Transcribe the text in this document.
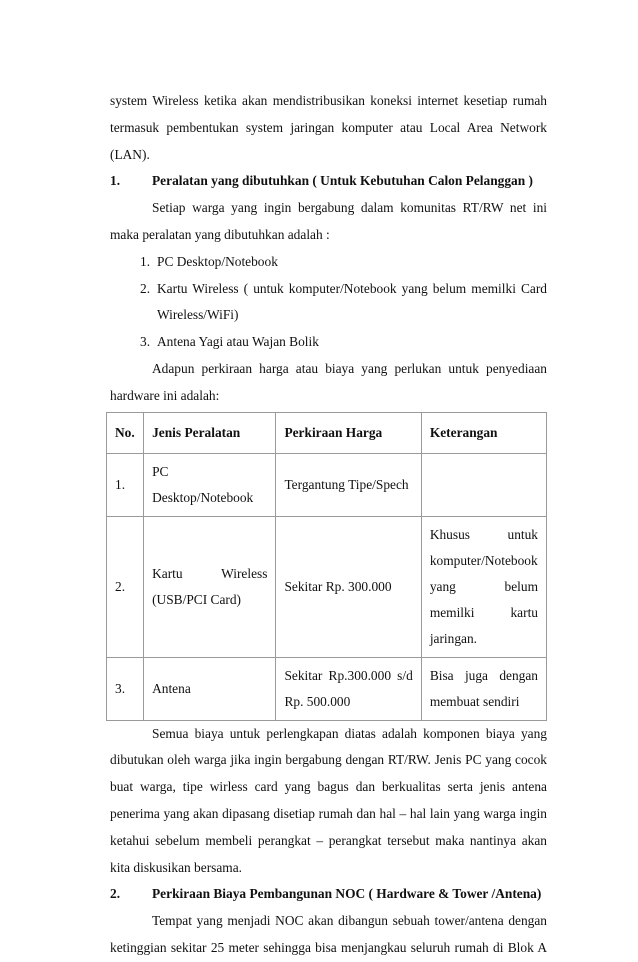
system Wireless ketika akan mendistribusikan koneksi internet kesetiap rumah termasuk pembentukan system jaringan komputer atau Local Area Network (LAN).

1.	Peralatan yang dibutuhkan ( Untuk Kebutuhan Calon Pelanggan )

Setiap warga yang ingin bergabung dalam komunitas RT/RW net ini maka peralatan yang dibutuhkan adalah :

1. PC Desktop/Notebook
2. Kartu Wireless ( untuk komputer/Notebook yang belum memilki Card Wireless/WiFi)
3. Antena Yagi atau Wajan Bolik

Adapun perkiraan harga atau biaya yang perlukan untuk penyediaan hardware ini adalah:

No.	Jenis Peralatan	Perkiraan Harga	Keterangan
1.	PC Desktop/Notebook	Tergantung Tipe/Spech	
2.	Kartu Wireless (USB/PCI Card)	Sekitar Rp. 300.000	Khusus untuk komputer/Notebook yang belum memilki kartu jaringan.
3.	Antena	Sekitar Rp.300.000 s/d Rp. 500.000	Bisa juga dengan membuat sendiri

Semua biaya untuk perlengkapan diatas adalah komponen biaya yang dibutukan oleh warga jika ingin bergabung dengan RT/RW. Jenis PC yang cocok buat warga, tipe wirless card yang bagus dan berkualitas serta jenis antena penerima yang akan dipasang disetiap rumah dan hal – hal lain yang warga ingin ketahui sebelum membeli perangkat – perangkat tersebut maka nantinya akan kita diskusikan bersama.

2.	Perkiraan Biaya Pembangunan NOC ( Hardware & Tower /Antena)

Tempat yang menjadi NOC akan dibangun sebuah tower/antena dengan ketinggian sekitar 25 meter sehingga bisa menjangkau seluruh rumah di Blok A
